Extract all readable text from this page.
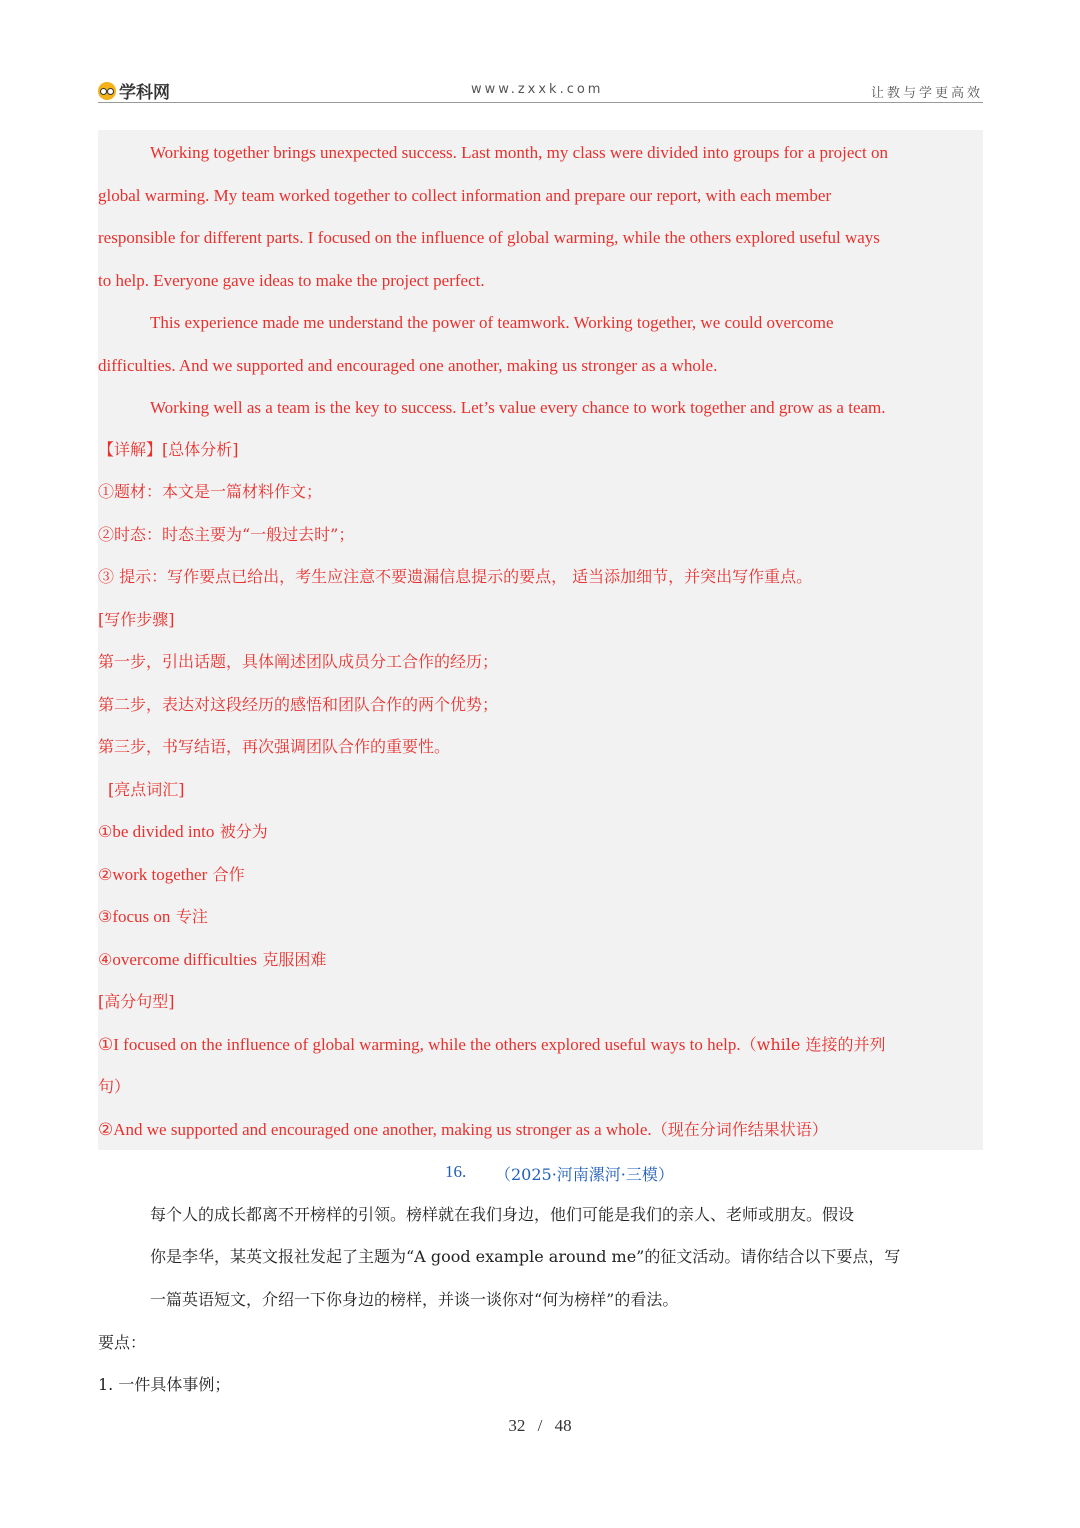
学科网	www.zxxk.com	让教与学更高效
Working together brings unexpected success. Last month, my class were divided into groups for a project on
global warming. My team worked together to collect information and prepare our report, with each member
responsible for different parts. I focused on the influence of global warming, while the others explored useful ways
to help. Everyone gave ideas to make the project perfect.
This experience made me understand the power of teamwork. Working together, we could overcome
difficulties. And we supported and encouraged one another, making us stronger as a whole.
Working well as a team is the key to success. Let’s value every chance to work together and grow as a team.
【详解】[总体分析]
①题材：本文是一篇材料作文；
②时态：时态主要为“一般过去时”；
③ 提示：写作要点已给出，考生应注意不要遗漏信息提示的要点， 适当添加细节，并突出写作重点。
[写作步骤]
第一步，引出话题，具体阐述团队成员分工合作的经历；
第二步，表达对这段经历的感悟和团队合作的两个优势；
第三步，书写结语，再次强调团队合作的重要性。
[亮点词汇]
①be divided into 被分为
②work together 合作
③focus on 专注
④overcome difficulties 克服困难
[高分句型]
①I focused on the influence of global warming, while the others explored useful ways to help.（while 连接的并列
句）
②And we supported and encouraged one another, making us stronger as a whole.（现在分词作结果状语）
16. （2025·河南漯河·三模）
每个人的成长都离不开榜样的引领。榜样就在我们身边，他们可能是我们的亲人、老师或朋友。假设
你是李华，某英文报社发起了主题为“A good example around me”的征文活动。请你结合以下要点，写
一篇英语短文，介绍一下你身边的榜样，并谈一谈你对“何为榜样”的看法。
要点：
1. 一件具体事例；
32 / 48
